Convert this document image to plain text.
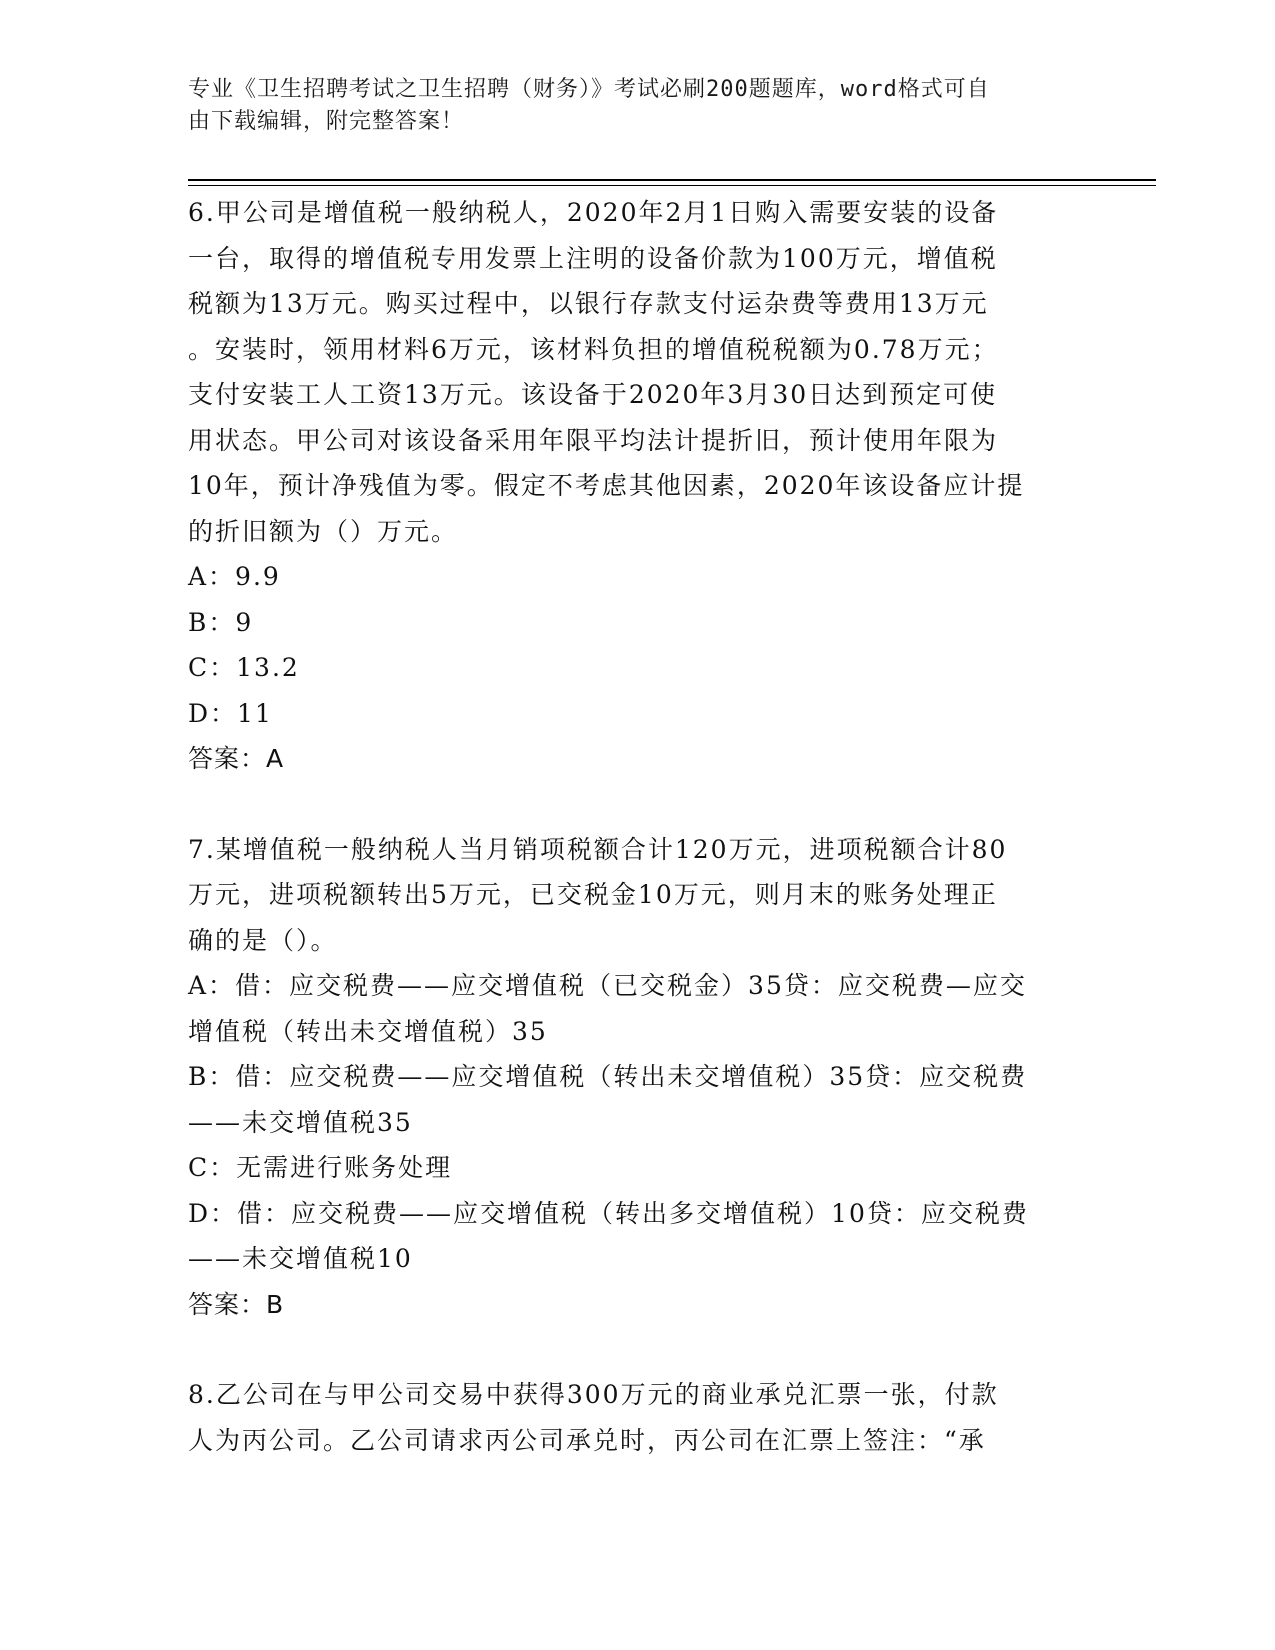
专业《卫生招聘考试之卫生招聘（财务）》考试必刷200题题库，word格式可自
由下载编辑，附完整答案！
6.甲公司是增值税一般纳税人，2020年2月1日购入需要安装的设备
一台，取得的增值税专用发票上注明的设备价款为100万元，增值税
税额为13万元。购买过程中，以银行存款支付运杂费等费用13万元
。安装时，领用材料6万元，该材料负担的增值税税额为0.78万元；
支付安装工人工资13万元。该设备于2020年3月30日达到预定可使
用状态。甲公司对该设备采用年限平均法计提折旧，预计使用年限为
10年，预计净残值为零。假定不考虑其他因素，2020年该设备应计提
的折旧额为（）万元。
A：9.9
B：9
C：13.2
D：11
答案：A
7.某增值税一般纳税人当月销项税额合计120万元，进项税额合计80
万元，进项税额转出5万元，已交税金10万元，则月末的账务处理正
确的是（）。
A：借：应交税费——应交增值税（已交税金）35贷：应交税费—应交
增值税（转出未交增值税）35
B：借：应交税费——应交增值税（转出未交增值税）35贷：应交税费
——未交增值税35
C：无需进行账务处理
D：借：应交税费——应交增值税（转出多交增值税）10贷：应交税费
——未交增值税10
答案：B
8.乙公司在与甲公司交易中获得300万元的商业承兑汇票一张，付款
人为丙公司。乙公司请求丙公司承兑时，丙公司在汇票上签注：“承
